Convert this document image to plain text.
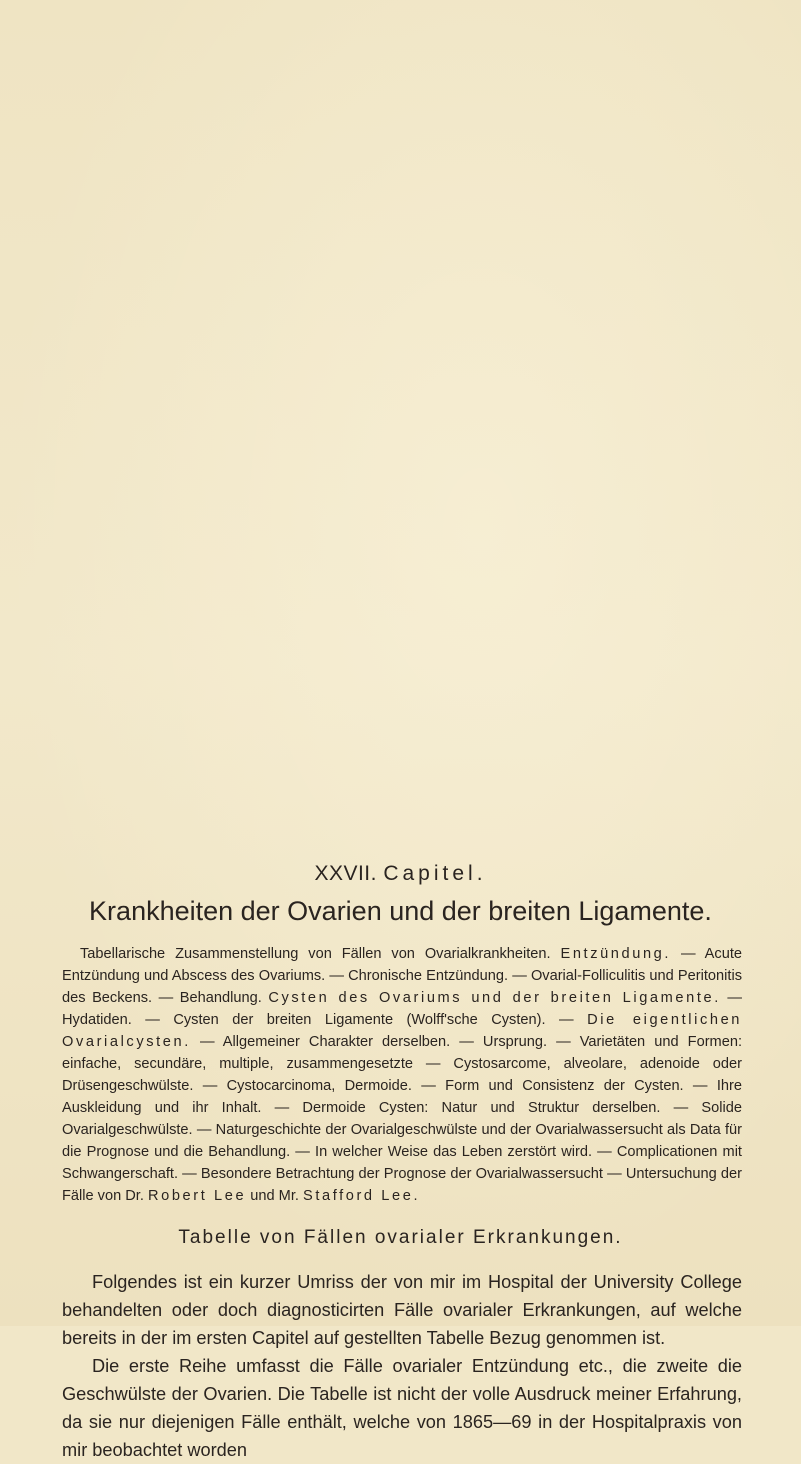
XXVII. Capitel.
Krankheiten der Ovarien und der breiten Ligamente.
Tabellarische Zusammenstellung von Fällen von Ovarialkrankheiten. Entzündung. — Acute Entzündung und Abscess des Ovariums. — Chronische Entzündung. — Ovarial-Folliculitis und Peritonitis des Beckens. — Behandlung. Cysten des Ovariums und der breiten Ligamente. — Hydatiden. — Cysten der breiten Ligamente (Wolff'sche Cysten). — Die eigentlichen Ovarialcysten. — Allgemeiner Charakter derselben. — Ursprung. — Varietäten und Formen: einfache, secundäre, multiple, zusammengesetzte — Cystosarcome, alveolare, adenoide oder Drüsengeschwülste. — Cystocarcinoma, Dermoide. — Form und Consistenz der Cysten. — Ihre Auskleidung und ihr Inhalt. — Dermoide Cysten: Natur und Struktur derselben. — Solide Ovarialgeschwülste. — Naturgeschichte der Ovarialgeschwülste und der Ovarialwassersucht als Data für die Prognose und die Behandlung. — In welcher Weise das Leben zerstört wird. — Complicationen mit Schwangerschaft. — Besondere Betrachtung der Prognose der Ovarialwassersucht — Untersuchung der Fälle von Dr. Robert Lee und Mr. Stafford Lee.
Tabelle von Fällen ovarialer Erkrankungen.

Folgendes ist ein kurzer Umriss der von mir im Hospital der University College behandelten oder doch diagnosticirten Fälle ovarialer Erkrankungen, auf welche bereits in der im ersten Capitel auf gestellten Tabelle Bezug genommen ist.

Die erste Reihe umfasst die Fälle ovarialer Entzündung etc., die zweite die Geschwülste der Ovarien. Die Tabelle ist nicht der volle Ausdruck meiner Erfahrung, da sie nur diejenigen Fälle enthält, welche von 1865—69 in der Hospitalpraxis von mir beobachtet worden
